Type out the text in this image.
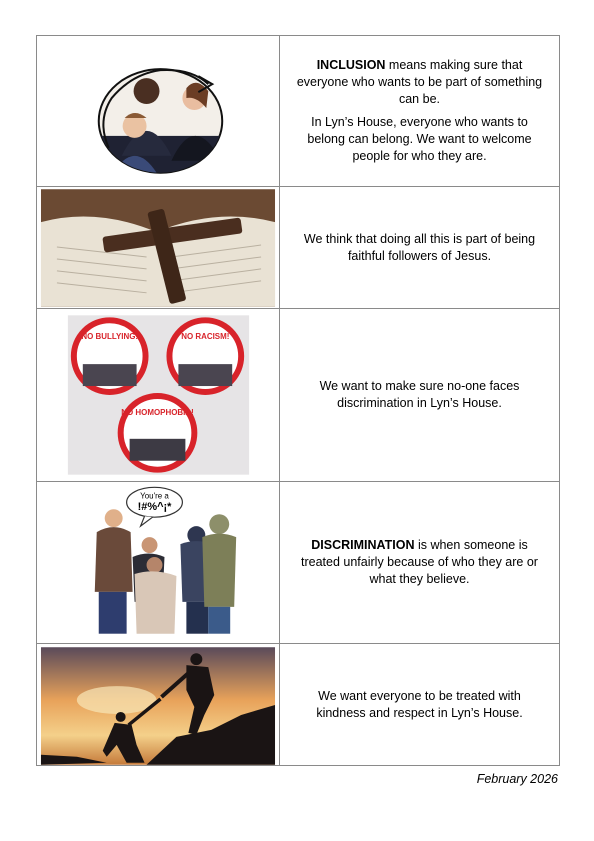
INCLUSION means making sure that everyone who wants to be part of something can be.

In Lyn’s House, everyone who wants to belong can belong. We want to welcome people for who they are.

We think that doing all this is part of being faithful followers of Jesus.

NO BULLYING!	NO RACISM!
NO HOMOPHOBIA!

We want to make sure no-one faces discrimination in Lyn’s House.

You're a
!#%^¡*

DISCRIMINATION is when someone is treated unfairly because of who they are or what they believe.

We want everyone to be treated with kindness and respect in Lyn’s House.

February 2026
